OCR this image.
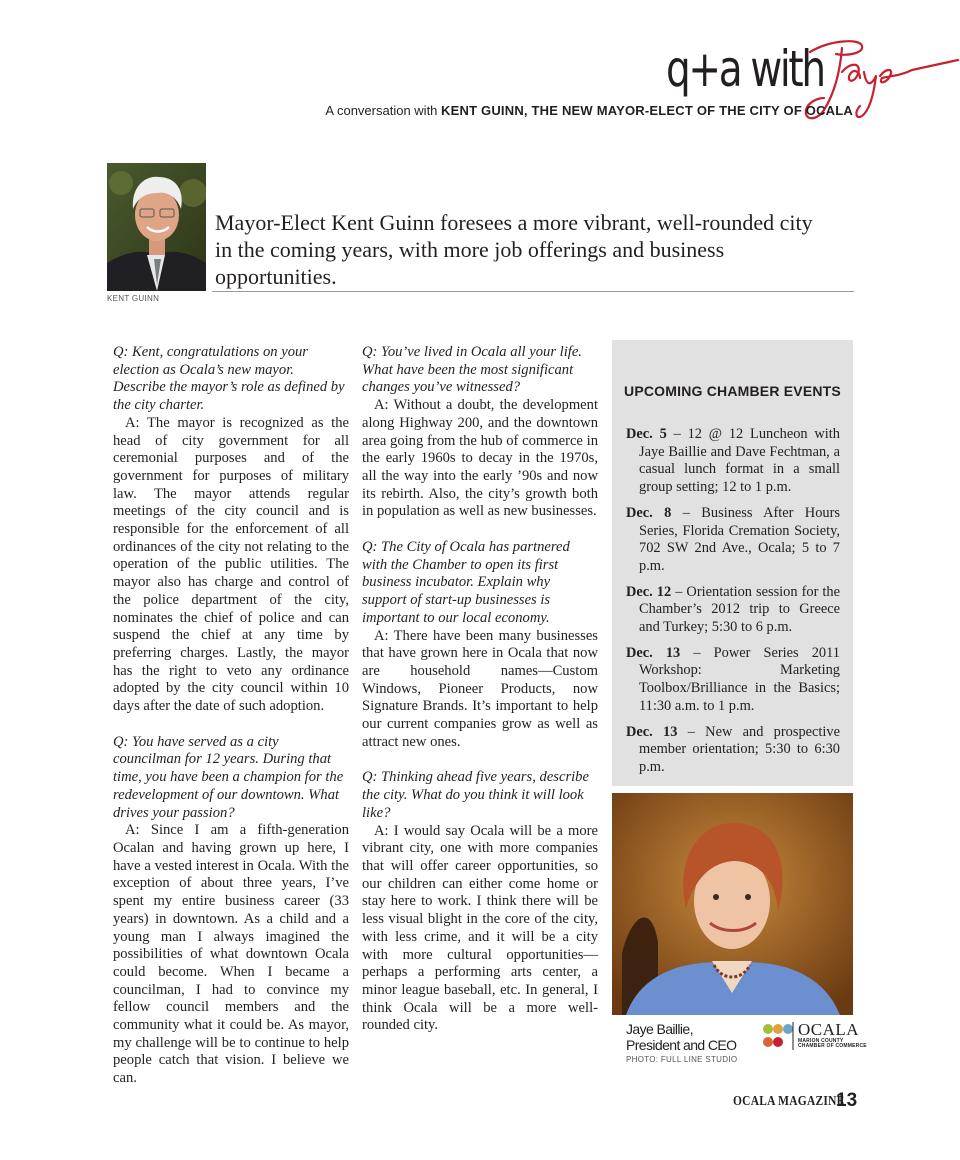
q+a with
A conversation with KENT GUINN, THE NEW MAYOR-ELECT OF THE CITY OF OCALA
KENT GUINN
Mayor-Elect Kent Guinn foresees a more vibrant, well-rounded city in the coming years, with more job offerings and business opportunities.

Q: Kent, congratulations on your election as Ocala’s new mayor. Describe the mayor’s role as defined by the city charter.

A: The mayor is recognized as the head of city government for all ceremonial purposes and of the government for purposes of military law. The mayor attends regular meetings of the city council and is responsible for the enforcement of all ordinances of the city not relating to the operation of the public utilities. The mayor also has charge and control of the police department of the city, nominates the chief of police and can suspend the chief at any time by preferring charges. Lastly, the mayor has the right to veto any ordinance adopted by the city council within 10 days after the date of such adoption.

Q: You have served as a city councilman for 12 years. During that time, you have been a champion for the redevelopment of our downtown. What drives your passion?

A: Since I am a fifth-generation Ocalan and having grown up here, I have a vested interest in Ocala. With the exception of about three years, I’ve spent my entire business career (33 years) in downtown. As a child and a young man I always imagined the possibilities of what downtown Ocala could become. When I became a councilman, I had to convince my fellow council members and the community what it could be. As mayor, my challenge will be to continue to help people catch that vision. I believe we can.

Q: You’ve lived in Ocala all your life. What have been the most significant changes you’ve witnessed?

A: Without a doubt, the development along Highway 200, and the downtown area going from the hub of commerce in the early 1960s to decay in the 1970s, all the way into the early ’90s and now its rebirth. Also, the city’s growth both in population as well as new businesses.

Q: The City of Ocala has partnered with the Chamber to open its first business incubator. Explain why support of start-up businesses is important to our local economy.

A: There have been many businesses that have grown here in Ocala that now are household names—Custom Windows, Pioneer Products, now Signature Brands. It’s important to help our current companies grow as well as attract new ones.

Q: Thinking ahead five years, describe the city. What do you think it will look like?

A: I would say Ocala will be a more vibrant city, one with more companies that will offer career opportunities, so our children can either come home or stay here to work. I think there will be less visual blight in the core of the city, with less crime, and it will be a city with more cultural opportunities—perhaps a performing arts center, a minor league baseball, etc. In general, I think Ocala will be a more well-rounded city.

UPCOMING CHAMBER EVENTS
Dec. 5 – 12 @ 12 Luncheon with Jaye Baillie and Dave Fechtman, a casual lunch format in a small group setting; 12 to 1 p.m.
Dec. 8 – Business After Hours Series, Florida Cremation Society, 702 SW 2nd Ave., Ocala; 5 to 7 p.m.
Dec. 12 – Orientation session for the Chamber’s 2012 trip to Greece and Turkey; 5:30 to 6 p.m.
Dec. 13 – Power Series 2011 Workshop: Marketing Toolbox/Brilliance in the Basics; 11:30 a.m. to 1 p.m.
Dec. 13 – New and prospective member orientation; 5:30 to 6:30 p.m.
Jaye Baillie,
President and CEO
PHOTO: FULL LINE STUDIO
OCALA
MARION COUNTY
CHAMBER OF COMMERCE
OCALA MAGAZINE
13
